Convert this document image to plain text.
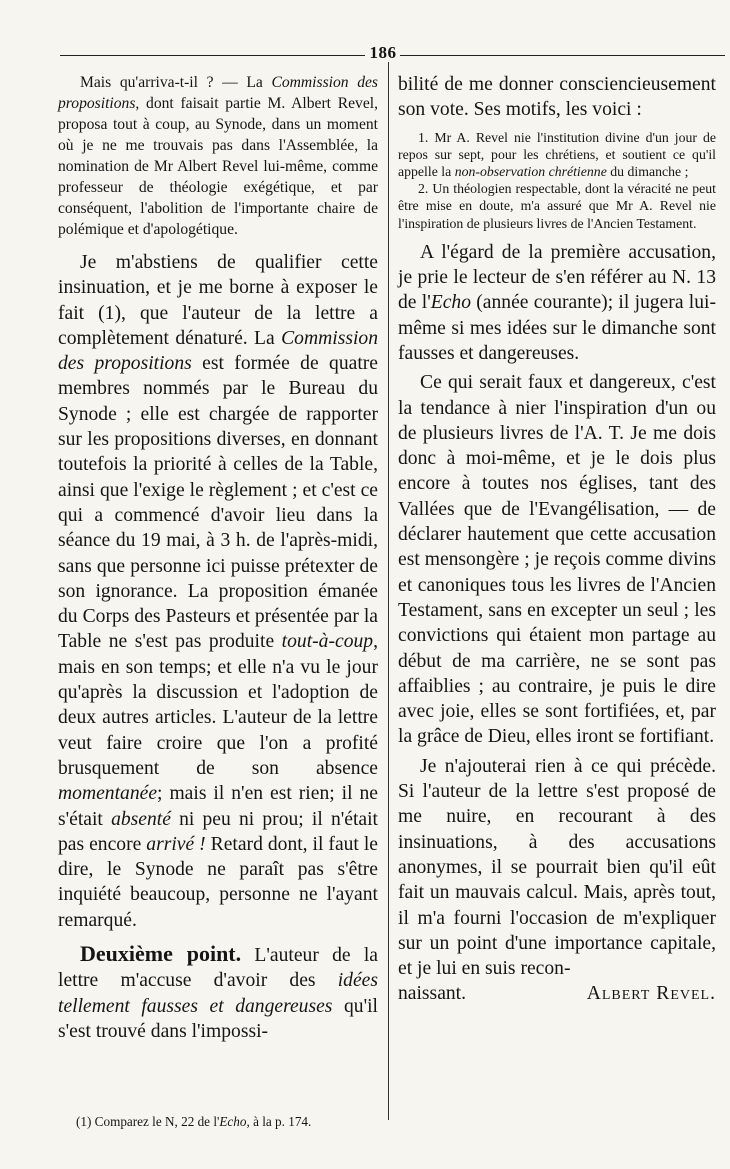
186

Mais qu'arriva-t-il ? — La Commission des propositions, dont faisait partie M. Albert Revel, proposa tout à coup, au Synode, dans un moment où je ne me trouvais pas dans l'Assemblée, la nomination de Mr Albert Revel lui-même, comme professeur de théologie exégétique, et par conséquent, l'abolition de l'importante chaire de polémique et d'apologétique.

Je m'abstiens de qualifier cette insinuation, et je me borne à exposer le fait (1), que l'auteur de la lettre a complètement dénaturé. La Commission des propositions est formée de quatre membres nommés par le Bureau du Synode ; elle est chargée de rapporter sur les propositions diverses, en donnant toutefois la priorité à celles de la Table, ainsi que l'exige le règlement ; et c'est ce qui a commencé d'avoir lieu dans la séance du 19 mai, à 3 h. de l'après-midi, sans que personne ici puisse prétexter de son ignorance. La proposition émanée du Corps des Pasteurs et présentée par la Table ne s'est pas produite tout-à-coup, mais en son temps; et elle n'a vu le jour qu'après la discussion et l'adoption de deux autres articles. L'auteur de la lettre veut faire croire que l'on a profité brusquement de son absence momentanée; mais il n'en est rien; il ne s'était absenté ni peu ni prou; il n'était pas encore arrivé ! Retard dont, il faut le dire, le Synode ne paraît pas s'être inquiété beaucoup, personne ne l'ayant remarqué.

Deuxième point. L'auteur de la lettre m'accuse d'avoir des idées tellement fausses et dangereuses qu'il s'est trouvé dans l'impossi-

(1) Comparez le N, 22 de l'Echo, à la p. 174.

bilité de me donner consciencieusement son vote. Ses motifs, les voici :

1. Mr A. Revel nie l'institution divine d'un jour de repos sur sept, pour les chrétiens, et soutient ce qu'il appelle la non-observation chrétienne du dimanche ;

2. Un théologien respectable, dont la véracité ne peut être mise en doute, m'a assuré que Mr A. Revel nie l'inspiration de plusieurs livres de l'Ancien Testament.

A l'égard de la première accusation, je prie le lecteur de s'en référer au N. 13 de l'Echo (année courante); il jugera lui-même si mes idées sur le dimanche sont fausses et dangereuses.

Ce qui serait faux et dangereux, c'est la tendance à nier l'inspiration d'un ou de plusieurs livres de l'A. T. Je me dois donc à moi-même, et je le dois plus encore à toutes nos églises, tant des Vallées que de l'Evangélisation, — de déclarer hautement que cette accusation est mensongère ; je reçois comme divins et canoniques tous les livres de l'Ancien Testament, sans en excepter un seul ; les convictions qui étaient mon partage au début de ma carrière, ne se sont pas affaiblies ; au contraire, je puis le dire avec joie, elles se sont fortifiées, et, par la grâce de Dieu, elles iront se fortifiant.

Je n'ajouterai rien à ce qui précède. Si l'auteur de la lettre s'est proposé de me nuire, en recourant à des insinuations, à des accusations anonymes, il se pourrait bien qu'il eût fait un mauvais calcul. Mais, après tout, il m'a fourni l'occasion de m'expliquer sur un point d'une importance capitale, et je lui en suis recon-

naissant.	Albert Revel.
